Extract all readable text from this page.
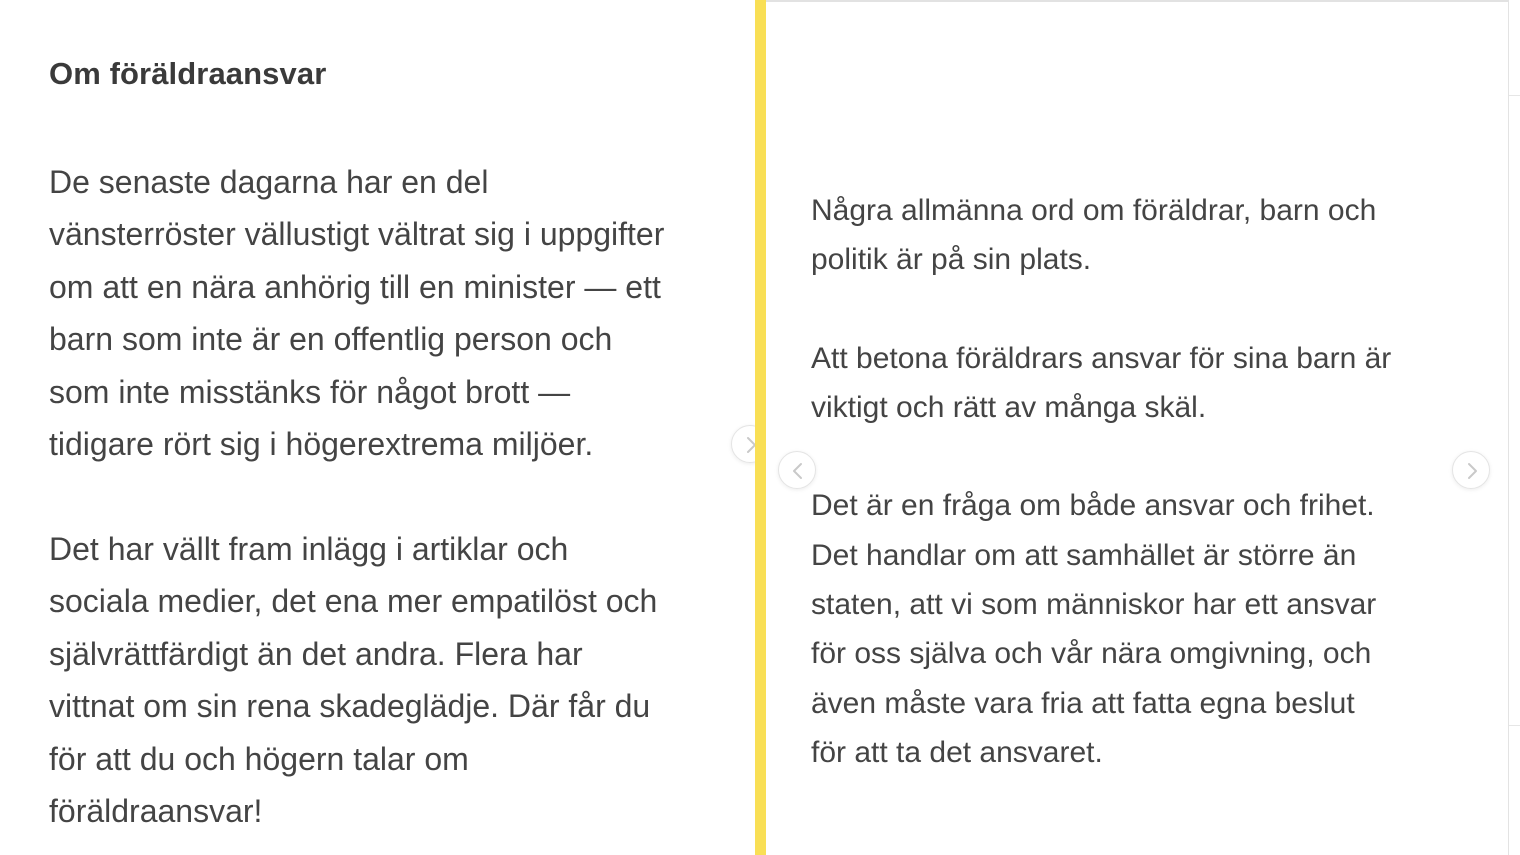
Om föräldraansvar

De senaste dagarna har en del

vänsterröster vällustigt vältrat sig i uppgifter

om att en nära anhörig till en minister — ett

barn som inte är en offentlig person och

som inte misstänks för något brott —

tidigare rört sig i högerextrema miljöer.

Det har vällt fram inlägg i artiklar och

sociala medier, det ena mer empatilöst och

självrättfärdigt än det andra. Flera har

vittnat om sin rena skadeglädje. Där får du

för att du och högern talar om

föräldraansvar!

Några allmänna ord om föräldrar, barn och

politik är på sin plats.

Att betona föräldrars ansvar för sina barn är

viktigt och rätt av många skäl.

Det är en fråga om både ansvar och frihet.

Det handlar om att samhället är större än

staten, att vi som människor har ett ansvar

för oss själva och vår nära omgivning, och

även måste vara fria att fatta egna beslut

för att ta det ansvaret.
